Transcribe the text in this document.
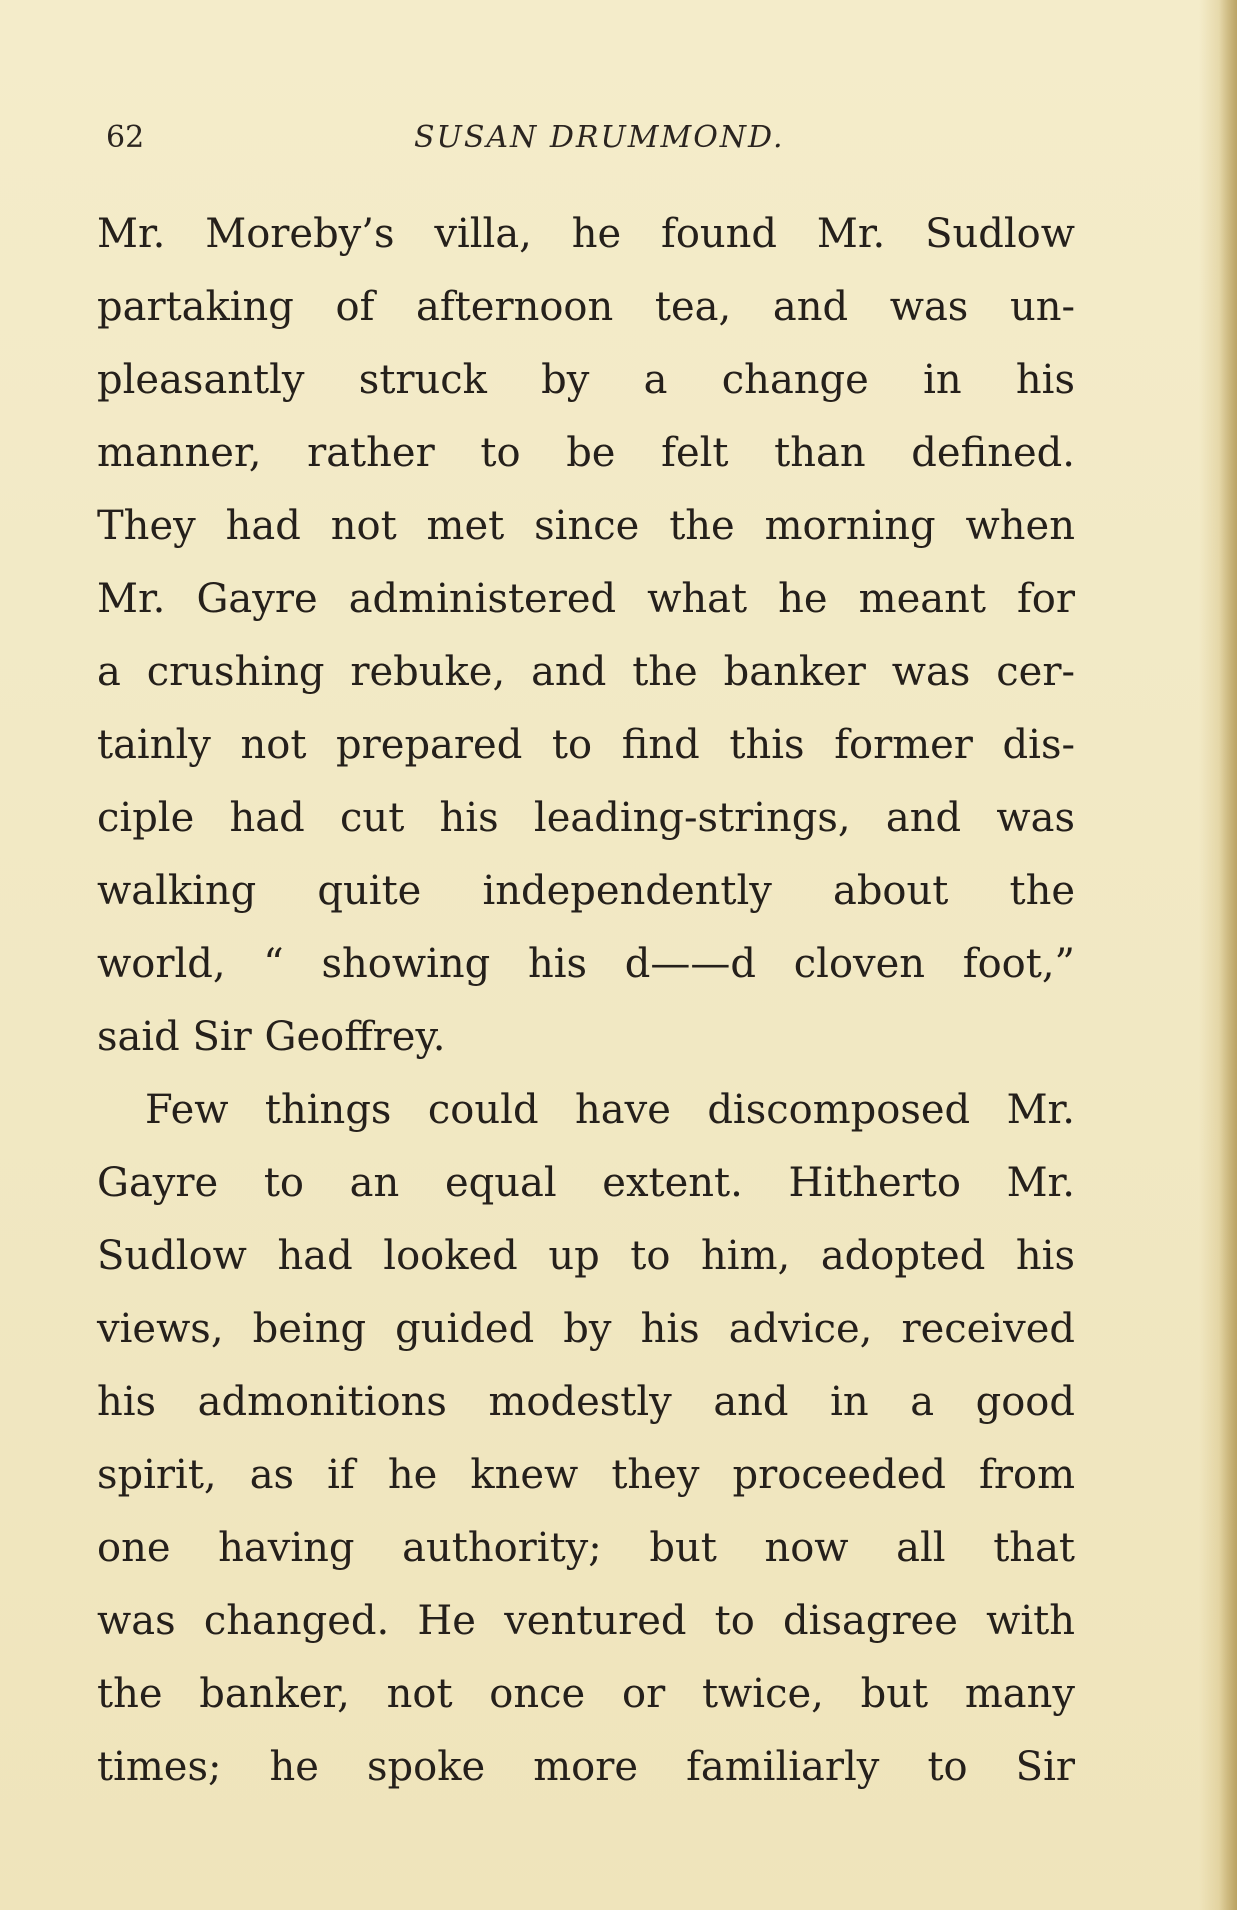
62	SUSAN DRUMMOND.
Mr. Moreby’s villa, he found Mr. Sudlow
partaking of afternoon tea, and was un-
pleasantly struck by a change in his
manner, rather to be felt than defined.
They had not met since the morning when
Mr. Gayre administered what he meant for
a crushing rebuke, and the banker was cer-
tainly not prepared to find this former dis-
ciple had cut his leading-strings, and was
walking quite independently about the
world, “ showing his d——d cloven foot,”
said Sir Geoffrey.
Few things could have discomposed Mr.
Gayre to an equal extent. Hitherto Mr.
Sudlow had looked up to him, adopted his
views, being guided by his advice, received
his admonitions modestly and in a good
spirit, as if he knew they proceeded from
one having authority; but now all that
was changed. He ventured to disagree with
the banker, not once or twice, but many
times; he spoke more familiarly to Sir
